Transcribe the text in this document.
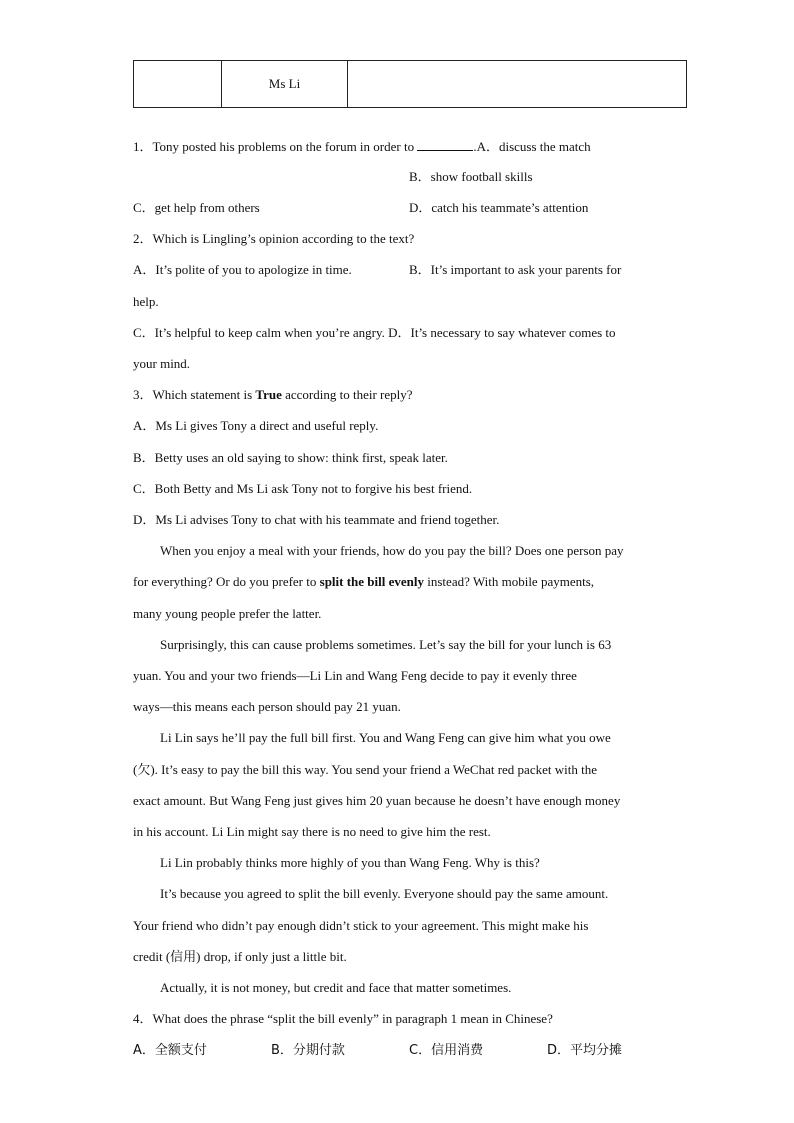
Ms Li
1．Tony posted his problems on the forum in order to	.A．discuss the match
B．show football skills
C．get help from others	D．catch his teammate’s attention
2．Which is Lingling’s opinion according to the text?
A．It’s polite of you to apologize in time.	B．It’s important to ask your parents for
help.
C．It’s helpful to keep calm when you’re angry. D．It’s necessary to say whatever comes to
your mind.
3．Which statement is True according to their reply?
A．Ms Li gives Tony a direct and useful reply.
B．Betty uses an old saying to show: think first, speak later.
C．Both Betty and Ms Li ask Tony not to forgive his best friend.
D．Ms Li advises Tony to chat with his teammate and friend together.
When you enjoy a meal with your friends, how do you pay the bill? Does one person pay
for everything? Or do you prefer to split the bill evenly instead? With mobile payments,
many young people prefer the latter.
Surprisingly, this can cause problems sometimes. Let’s say the bill for your lunch is 63
yuan. You and your two friends—Li Lin and Wang Feng decide to pay it evenly three
ways—this means each person should pay 21 yuan.
Li Lin says he’ll pay the full bill first. You and Wang Feng can give him what you owe
(欠). It’s easy to pay the bill this way. You send your friend a WeChat red packet with the
exact amount. But Wang Feng just gives him 20 yuan because he doesn’t have enough money
in his account. Li Lin might say there is no need to give him the rest.
Li Lin probably thinks more highly of you than Wang Feng. Why is this?
It’s because you agreed to split the bill evenly. Everyone should pay the same amount.
Your friend who didn’t pay enough didn’t stick to your agreement. This might make his
credit (信用) drop, if only just a little bit.
Actually, it is not money, but credit and face that matter sometimes.
4．What does the phrase “split the bill evenly” in paragraph 1 mean in Chinese?
A．全额支付	B．分期付款	C．信用消费	D．平均分摊
